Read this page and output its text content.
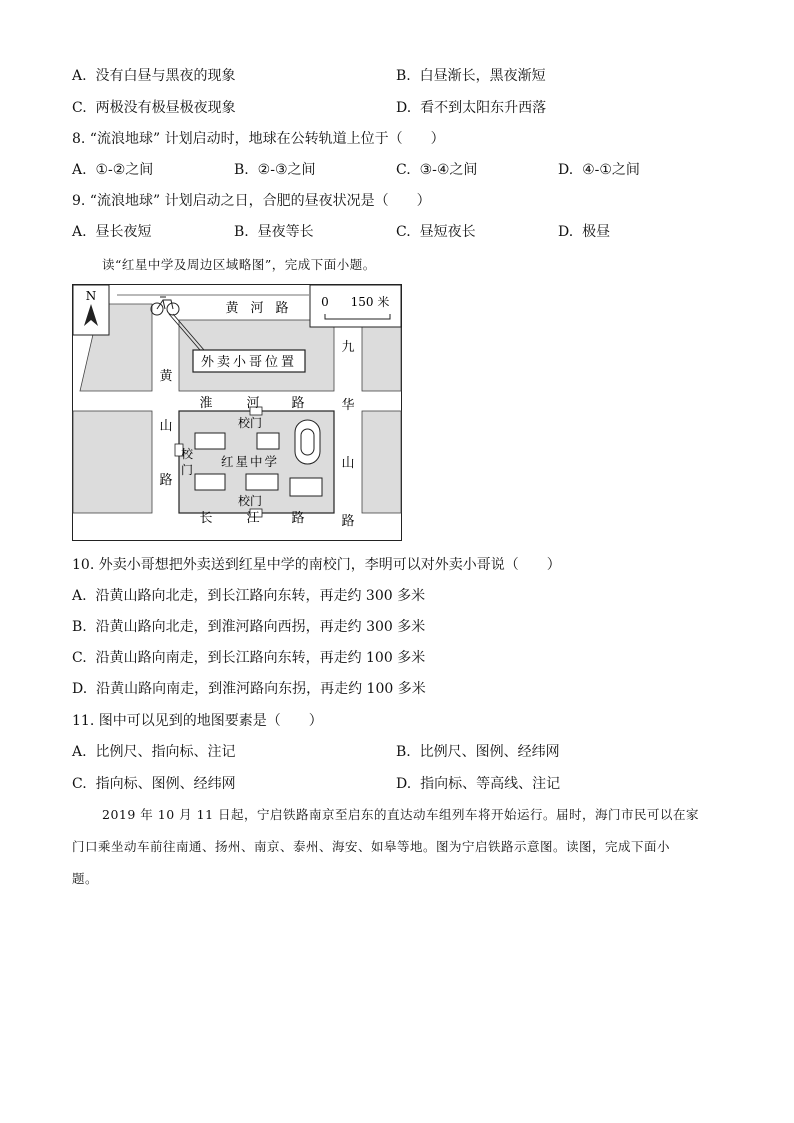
A. 没有白昼与黑夜的现象	B. 白昼渐长，黑夜渐短
C. 两极没有极昼极夜现象	D. 看不到太阳东升西落
8. “流浪地球” 计划启动时，地球在公转轨道上位于（　　）
A. ①-②之间	B. ②-③之间	C. ③-④之间	D. ④-①之间
9. “流浪地球” 计划启动之日，合肥的昼夜状况是（　　）
A. 昼长夜短	B. 昼夜等长	C. 昼短夜长	D. 极昼
读“红星中学及周边区域略图”，完成下面小题。
N	0 150 米
外卖小哥位置
黄 河 路
九
华
山
路
黄
山
路
淮	河 路
长	江 路
校门
校门
校
门
红星中学
10. 外卖小哥想把外卖送到红星中学的南校门，李明可以对外卖小哥说（　　）
A. 沿黄山路向北走，到长江路向东转，再走约 300 多米
B. 沿黄山路向北走，到淮河路向西拐，再走约 300 多米
C. 沿黄山路向南走，到长江路向东转，再走约 100 多米
D. 沿黄山路向南走，到淮河路向东拐，再走约 100 多米
11. 图中可以见到的地图要素是（　　）
A. 比例尺、指向标、注记	B. 比例尺、图例、经纬网
C. 指向标、图例、经纬网	D. 指向标、等高线、注记
2019 年 10 月 11 日起，宁启铁路南京至启东的直达动车组列车将开始运行。届时，海门市民可以在家
门口乘坐动车前往南通、扬州、南京、泰州、海安、如皋等地。图为宁启铁路示意图。读图，完成下面小
题。
